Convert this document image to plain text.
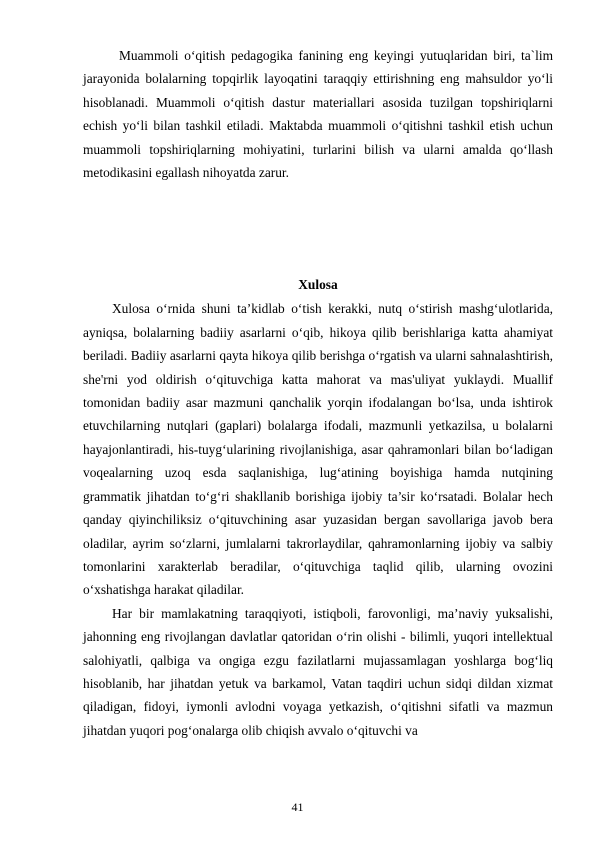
Muammoli o‘qitish pedagogika fanining eng keyingi yutuqlaridan biri, ta`lim jarayonida bolalarning topqirlik layoqatini taraqqiy ettirishning eng mahsuldor yo‘li hisoblanadi. Muammoli o‘qitish dastur materiallari asosida tuzilgan topshiriqlarni echish yo‘li bilan tashkil etiladi. Maktabda muammoli o‘qitishni tashkil etish uchun muammoli topshiriqlarning mohiyatini, turlarini bilish va ularni amalda qo‘llash metodikasini egallash nihoyatda zarur.

Xulosa

Xulosa o‘rnida shuni ta’kidlab o‘tish kerakki, nutq o‘stirish mashg‘ulotlarida, ayniqsa, bolalarning badiiy asarlarni o‘qib, hikoya qilib berishlariga katta ahamiyat beriladi. Badiiy asarlarni qayta hikoya qilib berishga o‘rgatish va ularni sahnalashtirish, she'rni yod oldirish o‘qituvchiga katta mahorat va mas'uliyat yuklaydi. Muallif tomonidan badiiy asar mazmuni qanchalik yorqin ifodalangan bo‘lsa, unda ishtirok etuvchilarning nutqlari (gaplari) bolalarga ifodali, mazmunli yetkazilsa, u bolalarni hayajonlantiradi, his-tuyg‘ularining rivojlanishiga, asar qahramonlari bilan bo‘ladigan voqealarning uzoq esda saqlanishiga, lug‘atining boyishiga hamda nutqining grammatik jihatdan to‘g‘ri shakllanib borishiga ijobiy ta’sir ko‘rsatadi. Bolalar hech qanday qiyinchiliksiz o‘qituvchining asar yuzasidan bergan savollariga javob bera oladilar, ayrim so‘zlarni, jumlalarni takrorlaydilar, qahramonlarning ijobiy va salbiy tomonlarini xarakterlab beradilar, o‘qituvchiga taqlid qilib, ularning ovozini o‘xshatishga harakat qiladilar.

Har bir mamlakatning taraqqiyoti, istiqboli, farovonligi, ma’naviy yuksalishi, jahonning eng rivojlangan davlatlar qatoridan o‘rin olishi - bilimli, yuqori intellektual salohiyatli, qalbiga va ongiga ezgu fazilatlarni mujassamlagan yoshlarga bog‘liq hisoblanib, har jihatdan yetuk va barkamol, Vatan taqdiri uchun sidqi dildan xizmat qiladigan, fidoyi, iymonli avlodni voyaga yetkazish, o‘qitishni sifatli va mazmun jihatdan yuqori pog‘onalarga olib chiqish avvalo o‘qituvchi va

41
